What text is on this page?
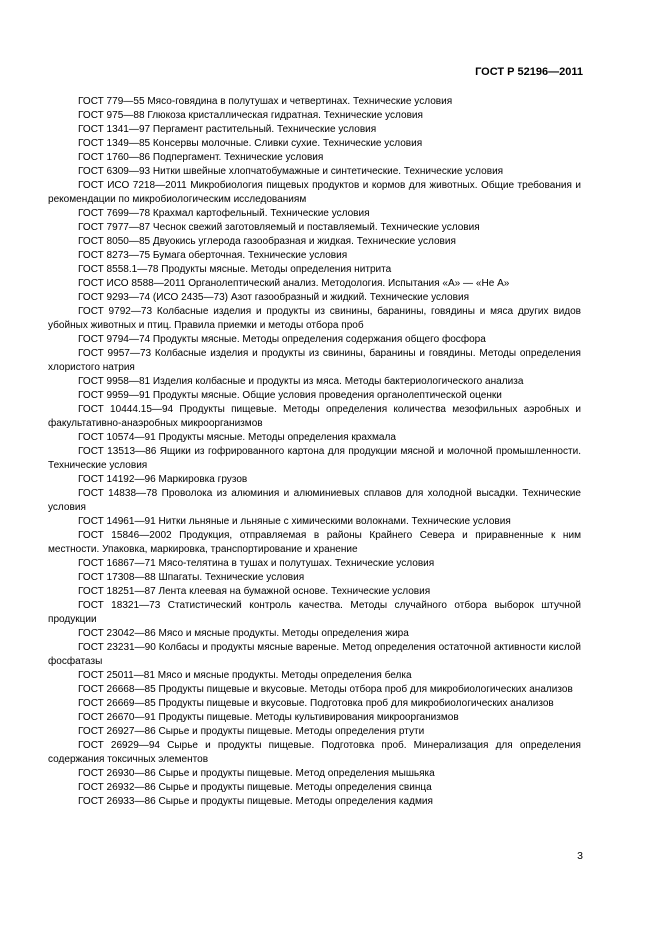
ГОСТ Р 52196—2011

ГОСТ 779—55 Мясо-говядина в полутушах и четвертинах. Технические условия

ГОСТ 975—88 Глюкоза кристаллическая гидратная. Технические условия

ГОСТ 1341—97 Пергамент растительный. Технические условия

ГОСТ 1349—85 Консервы молочные. Сливки сухие. Технические условия

ГОСТ 1760—86 Подпергамент. Технические условия

ГОСТ 6309—93 Нитки швейные хлопчатобумажные и синтетические. Технические условия

ГОСТ ИСО 7218—2011 Микробиология пищевых продуктов и кормов для животных. Общие требования и рекомендации по микробиологическим исследованиям

ГОСТ 7699—78 Крахмал картофельный. Технические условия

ГОСТ 7977—87 Чеснок свежий заготовляемый и поставляемый. Технические условия

ГОСТ 8050—85 Двуокись углерода газообразная и жидкая. Технические условия

ГОСТ 8273—75 Бумага оберточная. Технические условия

ГОСТ 8558.1—78 Продукты мясные. Методы определения нитрита

ГОСТ ИСО 8588—2011 Органолептический анализ. Методология. Испытания «А» — «Не А»

ГОСТ 9293—74 (ИСО 2435—73) Азот газообразный и жидкий. Технические условия

ГОСТ 9792—73 Колбасные изделия и продукты из свинины, баранины, говядины и мяса других видов убойных животных и птиц. Правила приемки и методы отбора проб

ГОСТ 9794—74 Продукты мясные. Методы определения содержания общего фосфора

ГОСТ 9957—73 Колбасные изделия и продукты из свинины, баранины и говядины. Методы определения хлористого натрия

ГОСТ 9958—81 Изделия колбасные и продукты из мяса. Методы бактериологического анализа

ГОСТ 9959—91 Продукты мясные. Общие условия проведения органолептической оценки

ГОСТ 10444.15—94 Продукты пищевые. Методы определения количества мезофильных аэробных и факультативно-анаэробных микроорганизмов

ГОСТ 10574—91 Продукты мясные. Методы определения крахмала

ГОСТ 13513—86 Ящики из гофрированного картона для продукции мясной и молочной промышленности. Технические условия

ГОСТ 14192—96 Маркировка грузов

ГОСТ 14838—78 Проволока из алюминия и алюминиевых сплавов для холодной высадки. Технические условия

ГОСТ 14961—91 Нитки льняные и льняные с химическими волокнами. Технические условия

ГОСТ 15846—2002 Продукция, отправляемая в районы Крайнего Севера и приравненные к ним местности. Упаковка, маркировка, транспортирование и хранение

ГОСТ 16867—71 Мясо-телятина в тушах и полутушах. Технические условия

ГОСТ 17308—88 Шпагаты. Технические условия

ГОСТ 18251—87 Лента клеевая на бумажной основе. Технические условия

ГОСТ 18321—73 Статистический контроль качества. Методы случайного отбора выборок штучной продукции

ГОСТ 23042—86 Мясо и мясные продукты. Методы определения жира

ГОСТ 23231—90 Колбасы и продукты мясные вареные. Метод определения остаточной активности кислой фосфатазы

ГОСТ 25011—81 Мясо и мясные продукты. Методы определения белка

ГОСТ 26668—85 Продукты пищевые и вкусовые. Методы отбора проб для микробиологических анализов

ГОСТ 26669—85 Продукты пищевые и вкусовые. Подготовка проб для микробиологических анализов

ГОСТ 26670—91 Продукты пищевые. Методы культивирования микроорганизмов

ГОСТ 26927—86 Сырье и продукты пищевые. Методы определения ртути

ГОСТ 26929—94 Сырье и продукты пищевые. Подготовка проб. Минерализация для определения содержания токсичных элементов

ГОСТ 26930—86 Сырье и продукты пищевые. Метод определения мышьяка

ГОСТ 26932—86 Сырье и продукты пищевые. Методы определения свинца

ГОСТ 26933—86 Сырье и продукты пищевые. Методы определения кадмия

3
